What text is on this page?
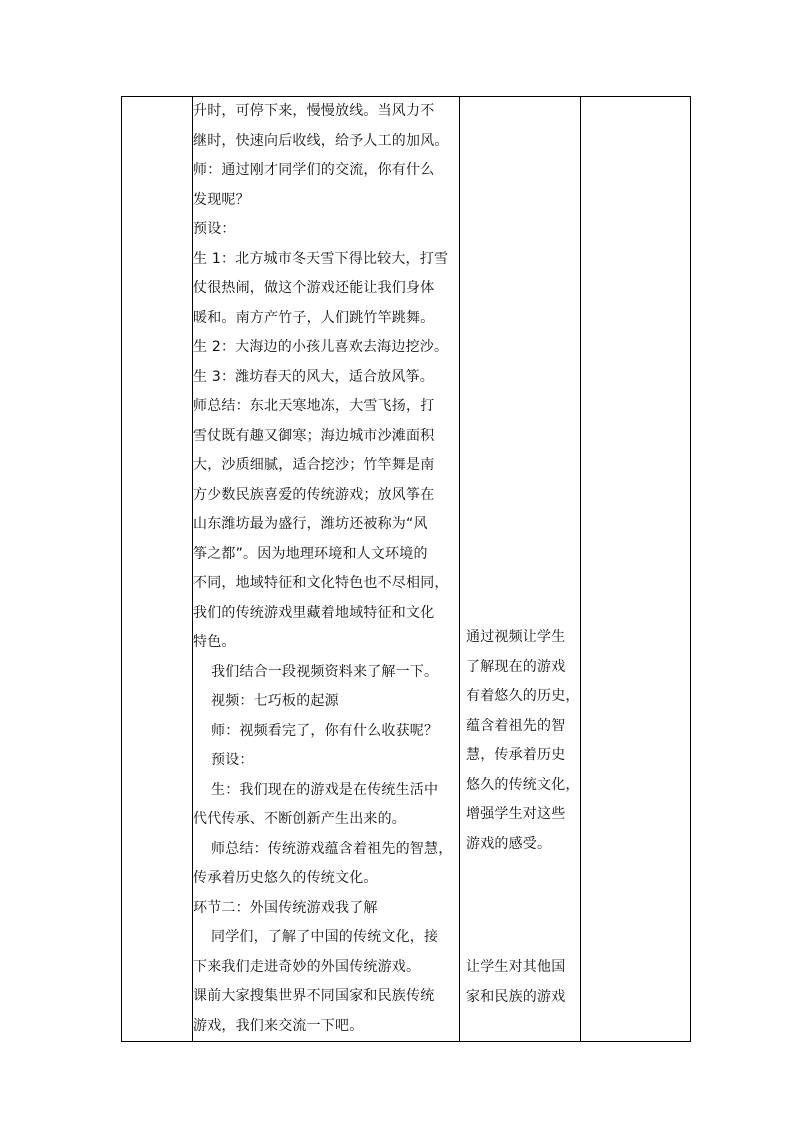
升时，可停下来，慢慢放线。当风力不
继时，快速向后收线，给予人工的加风。
师：通过刚才同学们的交流，你有什么
发现呢？
预设：
生 1：北方城市冬天雪下得比较大，打雪
仗很热闹，做这个游戏还能让我们身体
暖和。南方产竹子，人们跳竹竿跳舞。
生 2：大海边的小孩儿喜欢去海边挖沙。
生 3：潍坊春天的风大，适合放风筝。
师总结：东北天寒地冻，大雪飞扬，打
雪仗既有趣又御寒；海边城市沙滩面积
大，沙质细腻，适合挖沙；竹竿舞是南
方少数民族喜爱的传统游戏；放风筝在
山东潍坊最为盛行，潍坊还被称为“风
筝之都”。因为地理环境和人文环境的
不同，地域特征和文化特色也不尽相同，
我们的传统游戏里藏着地域特征和文化
特色。
我们结合一段视频资料来了解一下。
视频：七巧板的起源
师：视频看完了，你有什么收获呢？
预设：
生：我们现在的游戏是在传统生活中
代代传承、不断创新产生出来的。
师总结：传统游戏蕴含着祖先的智慧，
传承着历史悠久的传统文化。
环节二：外国传统游戏我了解
同学们，了解了中国的传统文化，接
下来我们走进奇妙的外国传统游戏。
课前大家搜集世界不同国家和民族传统
游戏，我们来交流一下吧。

通过视频让学生
了解现在的游戏
有着悠久的历史，
蕴含着祖先的智
慧，传承着历史
悠久的传统文化，
增强学生对这些
游戏的感受。
让学生对其他国
家和民族的游戏
